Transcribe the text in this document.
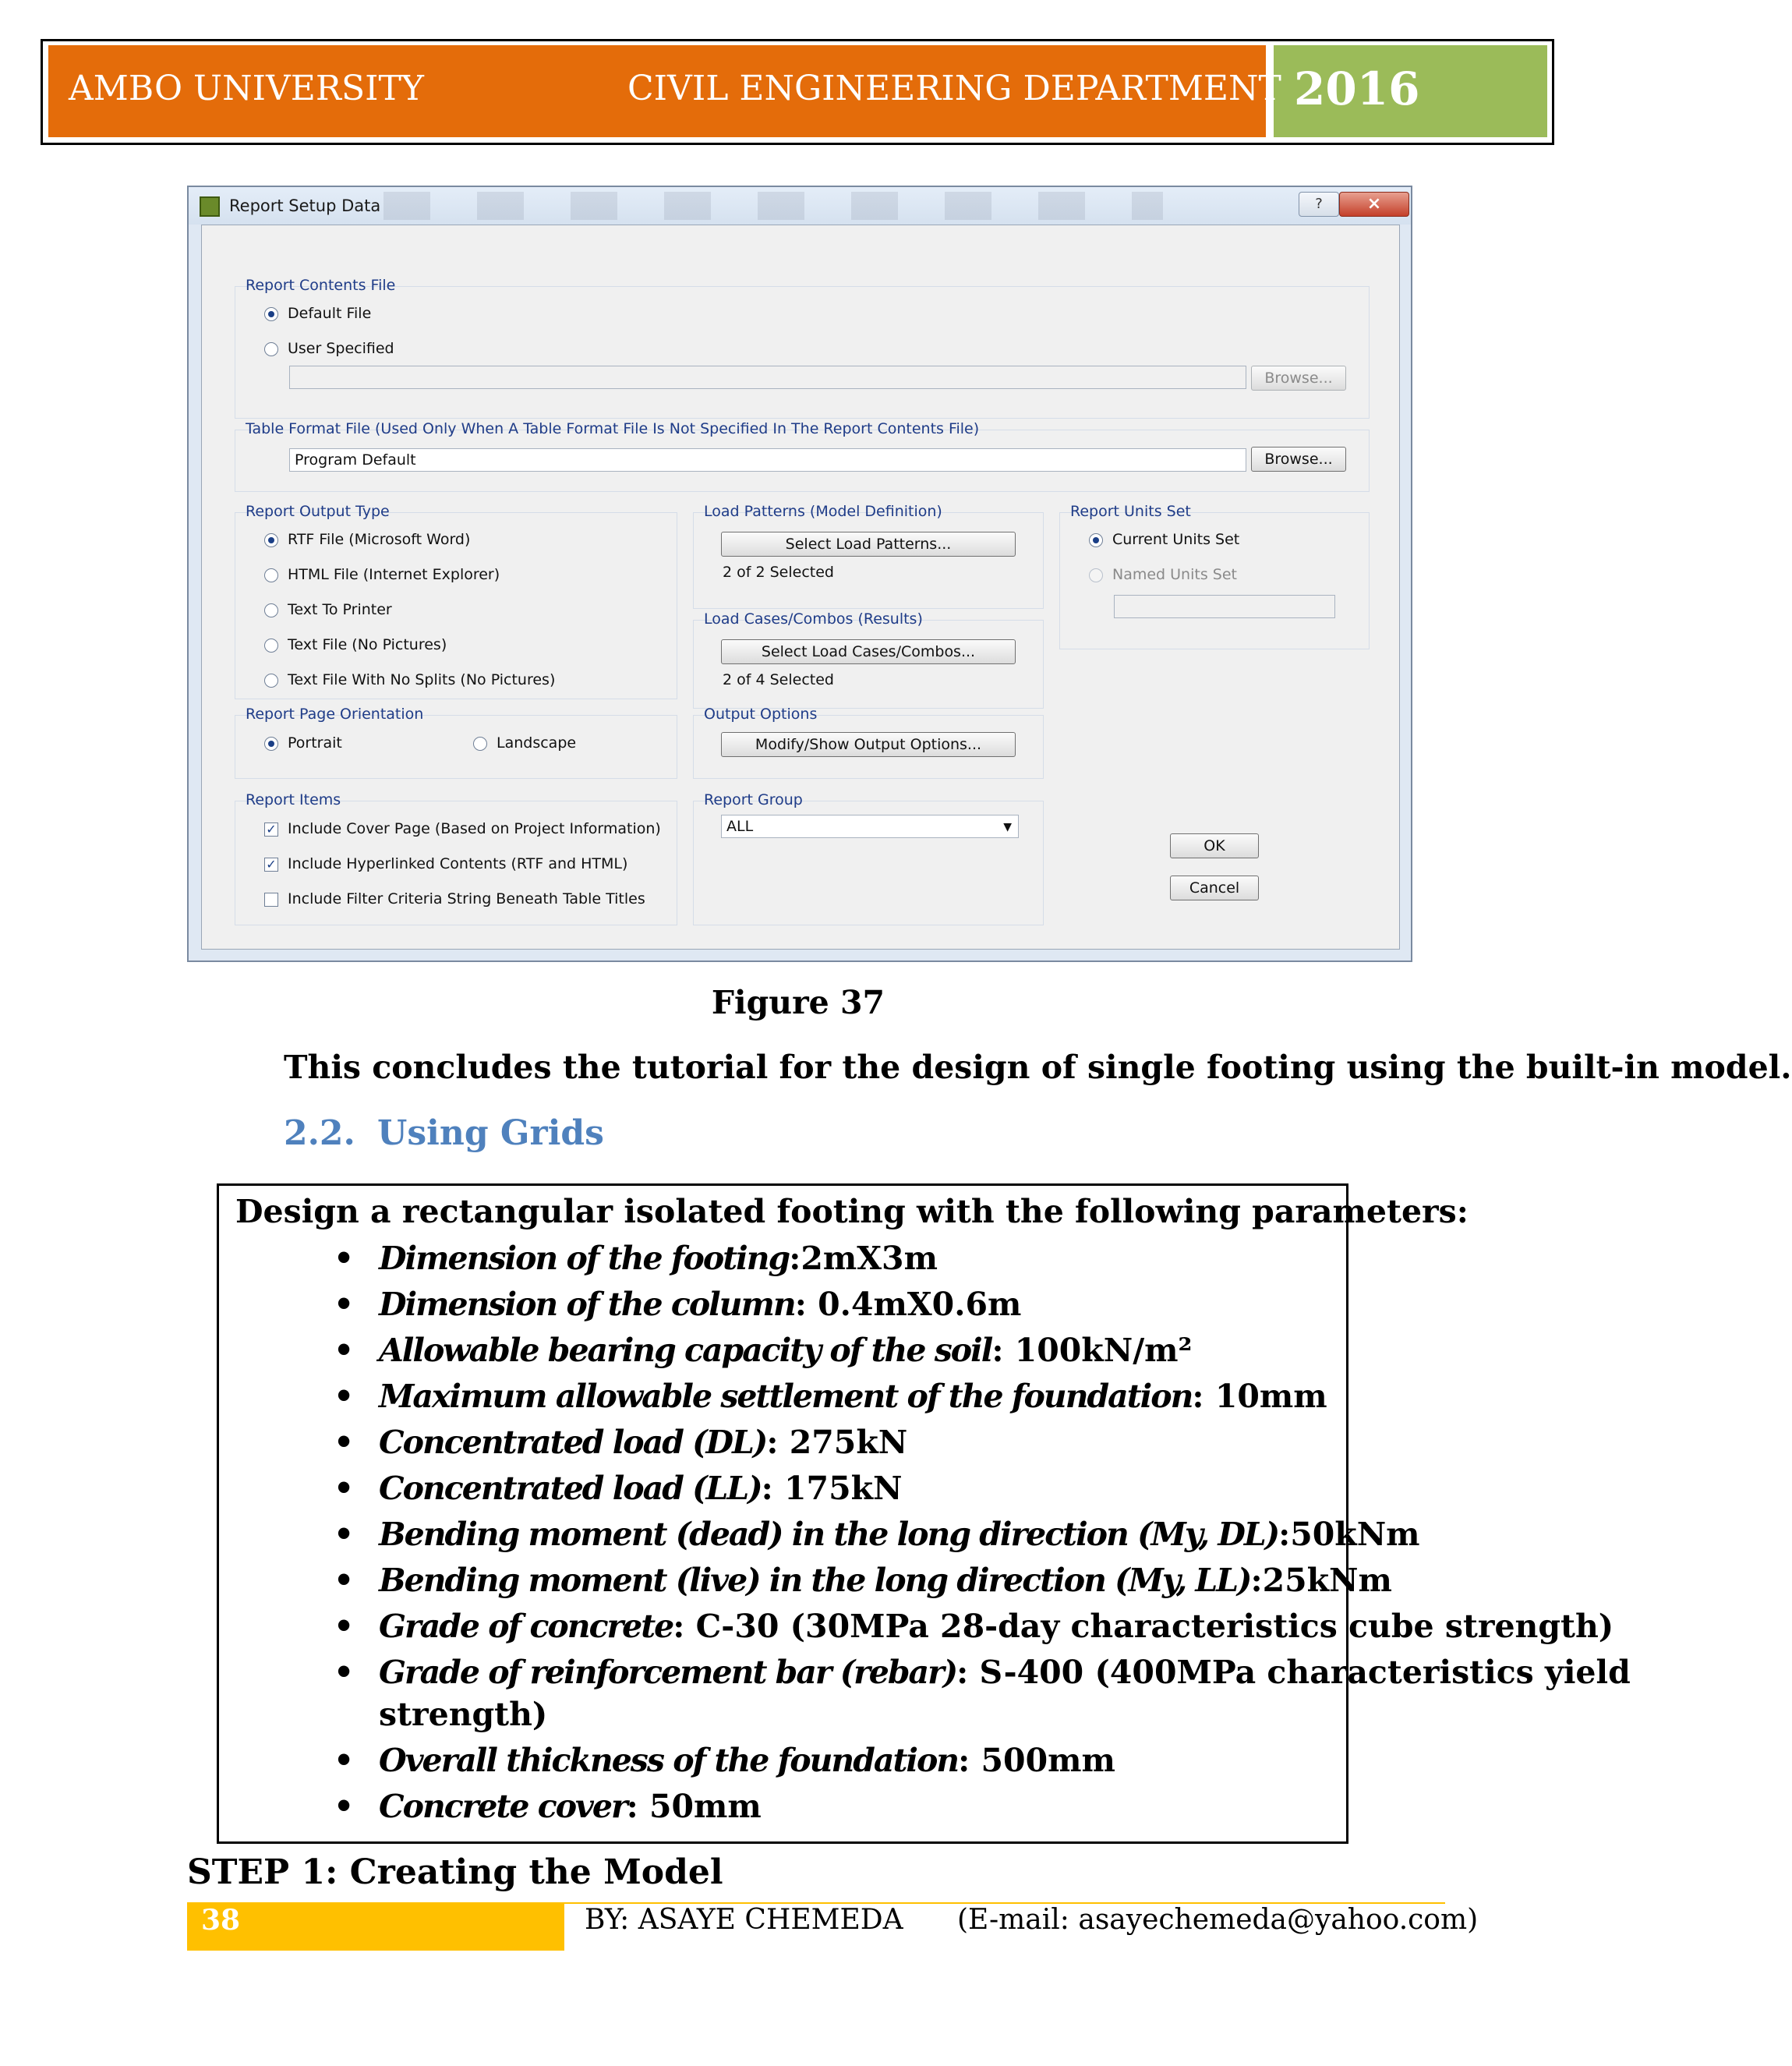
AMBO UNIVERSITY	CIVIL ENGINEERING DEPARTMENT 2016
Report Setup Data	?	×
Report Contents File
Default File
User Specified
Browse...
Table Format File (Used Only When A Table Format File Is Not Specified In The Report Contents File)
Program Default	Browse...
Report Output Type
RTF File (Microsoft Word)
HTML File (Internet Explorer)
Text To Printer
Text File (No Pictures)
Text File With No Splits (No Pictures)
Load Patterns (Model Definition)
Select Load Patterns...
2 of 2 Selected
Load Cases/Combos (Results)
Select Load Cases/Combos...
2 of 4 Selected
Report Units Set
Current Units Set
Named Units Set
Report Page Orientation
Portrait	Landscape
Output Options
Modify/Show Output Options...
Report Items
✓ Include Cover Page (Based on Project Information)
✓ Include Hyperlinked Contents (RTF and HTML)
Include Filter Criteria String Beneath Table Titles
Report Group
ALL	▼
OK
Cancel
Figure 37
This concludes the tutorial for the design of single footing using the built-in model.
2.2. Using Grids
Design a rectangular isolated footing with the following parameters:
• Dimension of the footing:2mX3m
• Dimension of the column: 0.4mX0.6m
• Allowable bearing capacity of the soil: 100kN/m²
• Maximum allowable settlement of the foundation: 10mm
• Concentrated load (DL): 275kN
• Concentrated load (LL): 175kN
• Bending moment (dead) in the long direction (My, DL):50kNm
• Bending moment (live) in the long direction (My, LL):25kNm
• Grade of concrete: C-30 (30MPa 28-day characteristics cube strength)
• Grade of reinforcement bar (rebar): S-400 (400MPa characteristics yield
strength)
• Overall thickness of the foundation: 500mm
• Concrete cover: 50mm
STEP 1: Creating the Model
38	BY: ASAYE CHEMEDA (E-mail: asayechemeda@yahoo.com)
